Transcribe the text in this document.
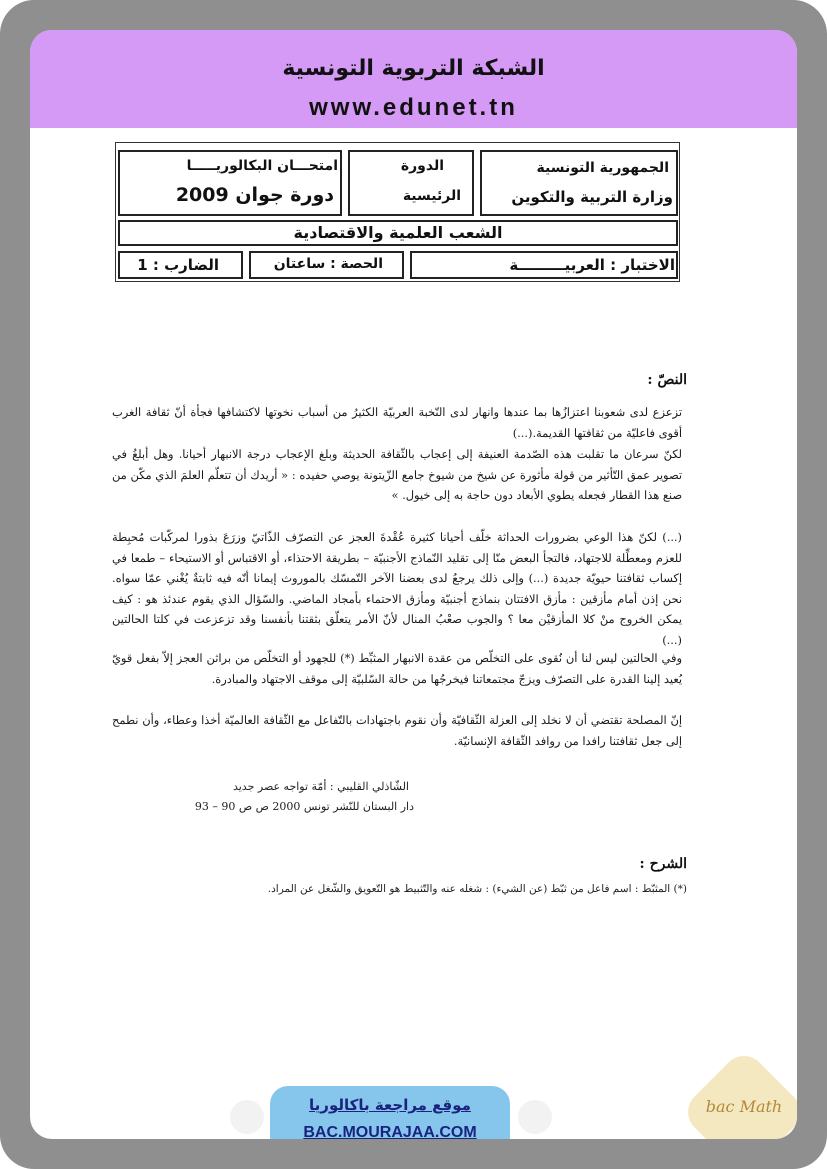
الشبكة التربوية التونسية
www.edunet.tn
الجمهورية التونسية
وزارة التربية والتكوين
الدورة
الرئيسية
امتحـــان البكالوريـــــا
دورة جوان 2009
الشعب العلمية والاقتصادية
الاختبار : العربيـــــــــة
الحصة : ساعتان
الضارب : 1
النصّ :
تزعزع لدى شعوبنا اعتزازُها بما عندها وانهار لدى النّخبة العربيّة الكثيرُ من أسباب نخوتها لاكتشافها فجأة أنّ ثقافة الغرب أقوى فاعليّة من ثقافتها القديمة.(...)
لكنّ سرعان ما تقلبت هذه الصّدمة العنيفة إلى إعجاب بالثّقافة الحديثة وبلغ الإعجاب درجة الانبهار أحيانا. وهل أبلغُ في تصوير عمق التّأثير من قولة مأثورة عن شيخ من شيوخ جامع الزّيتونة يوصي حفيده : « أريدك أن تتعلّم العلمَ الذي مكّن من صنع هذا القطار فجعله يطوي الأبعاد دون حاجة به إلى خيول. »
(...) لكنّ هذا الوعي بضرورات الحداثة خلّف أحيانا كثيرة عُقْدةَ العجز عن التصرّف الذّاتيّ وزرَعَ بذورا لمركّبات مُحبِطة للعزم ومعطِّلة للاجتهاد، فالتجأ البعض منّا إلى تقليد النّماذج الأجنبيّة – بطريقة الاحتذاء، أو الاقتباس أو الاستيحاء – طمعا في إكساب ثقافتنا حيويّة جديدة (...) وإلى ذلك يرجعُ لدى بعضنا الآخر التّمسّك بالموروث إيمانا أنّه فيه ثابتةٌ يُغْني عمّا سواه. نحن إذن أمام مأزقين : مأزق الافتتان بنماذج أجنبيّة ومأزق الاحتماء بأمجاد الماضي. والسّؤال الذي يقوم عندئذ هو : كيف يمكن الخروج منْ كلا المأزقيْن معا ؟ والجوب صعْبُ المنال لأنّ الأمر يتعلّق بثقتنا بأنفسنا وقد تزعزعت في كلتا الحالتين (...)
وفي الحالتين ليس لنا أن نُقوى على التخلّص من عقدة الانبهار المثبِّط (*) للجهود أو التخلّص من براثن العجز إلاّ بفعل قويّ يُعيد إلينا القدرة على التصرّف ويزجّ مجتمعاتنا فيخرجُها من حالة السّلبيّة إلى موقف الاجتهاد والمبادرة.
إنّ المصلحة تقتضي أن لا نخلد إلى العزلة الثّقافيّة وأن نقوم باجتهادات بالتّفاعل مع الثّقافة العالميّة أخذا وعطاء، وأن نطمح إلى جعل ثقافتنا رافدا من روافد الثّقافة الإنسانيّة.
الشّاذلي القليبي : أمّة تواجه عصر جديد
دار البستان للنّشر تونس 2000 ص ص 90 – 93
الشرح :
(*) المثبّط : اسم فاعل من ثبّط (عن الشيء) : شغله عنه والتّثبيط هو التّعويق والشّغل عن المراد.
موقع مراجعة باكالوريا
BAC.MOURAJAA.COM
bac Math
